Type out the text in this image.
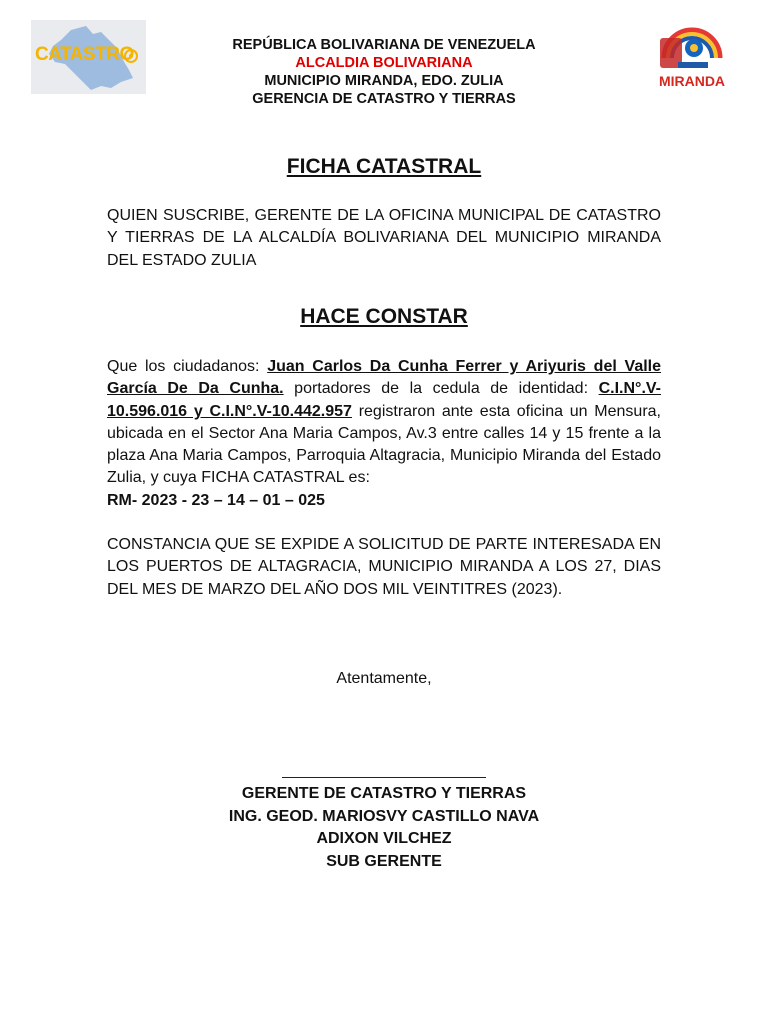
CATASTRO
MIRANDA
REPÚBLICA BOLIVARIANA DE VENEZUELA
ALCALDIA BOLIVARIANA
MUNICIPIO MIRANDA, EDO. ZULIA
GERENCIA DE CATASTRO Y TIERRAS
FICHA CATASTRAL
QUIEN SUSCRIBE, GERENTE DE LA OFICINA MUNICIPAL DE CATASTRO Y TIERRAS DE LA ALCALDÍA BOLIVARIANA DEL MUNICIPIO MIRANDA DEL ESTADO ZULIA
HACE CONSTAR
Que los ciudadanos: Juan Carlos Da Cunha Ferrer y Ariyuris del Valle García De Da Cunha. portadores de la cedula de identidad: C.I.N°.V-10.596.016 y C.I.N°.V-10.442.957 registraron ante esta oficina un Mensura, ubicada en el Sector Ana Maria Campos, Av.3 entre calles 14 y 15 frente a la plaza Ana Maria Campos, Parroquia Altagracia, Municipio Miranda del Estado Zulia, y cuya FICHA CATASTRAL es:
RM- 2023 - 23 – 14 – 01 – 025
CONSTANCIA QUE SE EXPIDE A SOLICITUD DE PARTE INTERESADA EN LOS PUERTOS DE ALTAGRACIA, MUNICIPIO MIRANDA A LOS 27, DIAS DEL MES DE MARZO DEL AÑO DOS MIL VEINTITRES (2023).
Atentamente,
GERENTE DE CATASTRO Y TIERRAS
ING. GEOD. MARIOSVY CASTILLO NAVA
ADIXON VILCHEZ
SUB GERENTE
